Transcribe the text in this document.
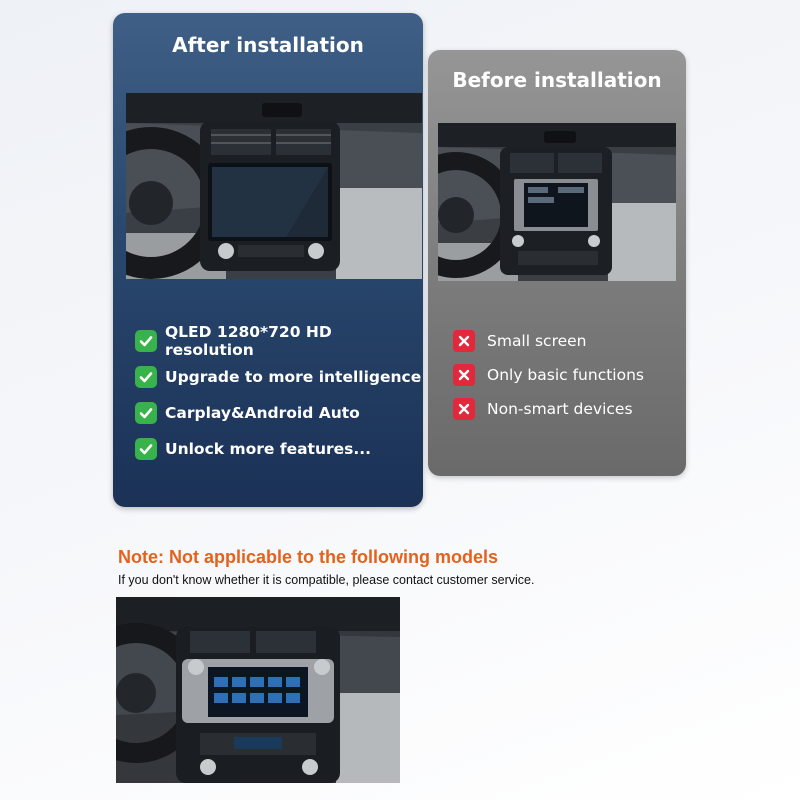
After installation
QLED 1280*720 HD resolution
Upgrade to more intelligence
Carplay&Android Auto
Unlock more features...
Before installation
Small screen
Only basic functions
Non-smart devices
Note: Not applicable to the following models
If you don't know whether it is compatible, please contact customer service.
